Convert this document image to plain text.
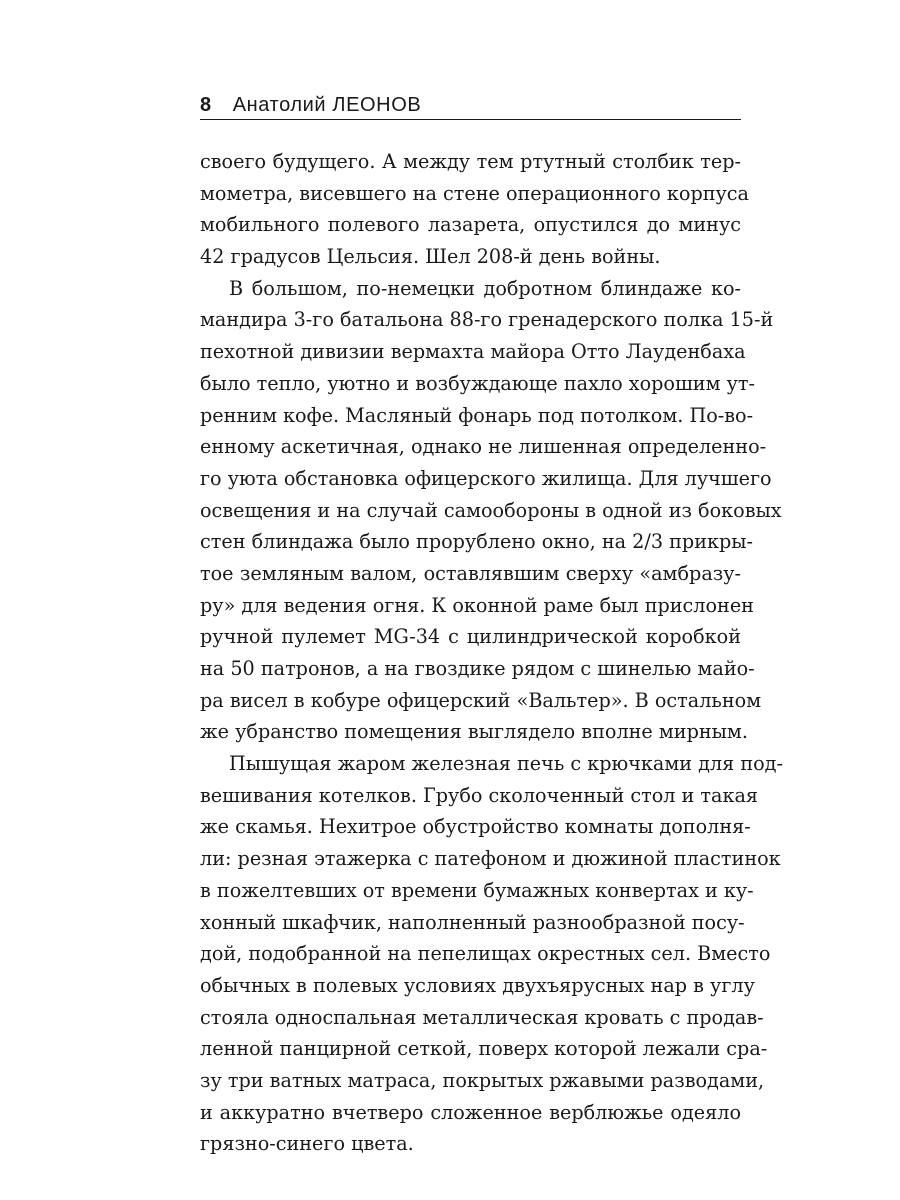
8 Анатолий ЛЕОНОВ

своего будущего. А между тем ртутный столбик тер-
мометра, висевшего на стене операционного корпуса
мобильного полевого лазарета, опустился до минус
42 градусов Цельсия. Шел 208-й день войны.

В большом, по-немецки добротном блиндаже ко-
мандира 3-го батальона 88-го гренадерского полка 15-й
пехотной дивизии вермахта майора Отто Лауденбаха
было тепло, уютно и возбуждающе пахло хорошим ут-
ренним кофе. Масляный фонарь под потолком. По-во-
енному аскетичная, однако не лишенная определенно-
го уюта обстановка офицерского жилища. Для лучшего
освещения и на случай самообороны в одной из боковых
стен блиндажа было прорублено окно, на 2/3 прикры-
тое земляным валом, оставлявшим сверху «амбразу-
ру» для ведения огня. К оконной раме был прислонен
ручной пулемет MG-34 с цилиндрической коробкой
на 50 патронов, а на гвоздике рядом с шинелью майо-
ра висел в кобуре офицерский «Вальтер». В остальном
же убранство помещения выглядело вполне мирным.

Пышущая жаром железная печь с крючками для под-
вешивания котелков. Грубо сколоченный стол и такая
же скамья. Нехитрое обустройство комнаты дополня-
ли: резная этажерка с патефоном и дюжиной пластинок
в пожелтевших от времени бумажных конвертах и ку-
хонный шкафчик, наполненный разнообразной посу-
дой, подобранной на пепелищах окрестных сел. Вместо
обычных в полевых условиях двухъярусных нар в углу
стояла односпальная металлическая кровать с продав-
ленной панцирной сеткой, поверх которой лежали сра-
зу три ватных матраса, покрытых ржавыми разводами,
и аккуратно вчетверо сложенное верблюжье одеяло
грязно-синего цвета.
